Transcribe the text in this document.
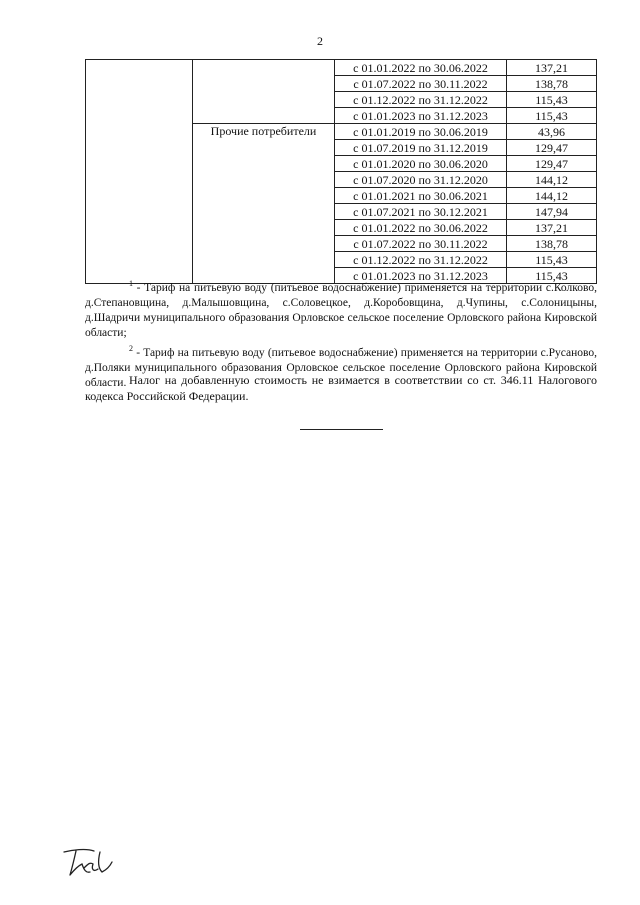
2
		с 01.01.2022 по 30.06.2022	137,21
		с 01.07.2022 по 30.11.2022	138,78
		с 01.12.2022 по 31.12.2022	115,43
		с 01.01.2023 по 31.12.2023	115,43
	Прочие потребители	с 01.01.2019 по 30.06.2019	43,96
		с 01.07.2019 по 31.12.2019	129,47
		с 01.01.2020 по 30.06.2020	129,47
		с 01.07.2020 по 31.12.2020	144,12
		с 01.01.2021 по 30.06.2021	144,12
		с 01.07.2021 по 30.12.2021	147,94
		с 01.01.2022 по 30.06.2022	137,21
		с 01.07.2022 по 30.11.2022	138,78
		с 01.12.2022 по 31.12.2022	115,43
		с 01.01.2023 по 31.12.2023	115,43

$^1$ - Тариф на питьевую воду (питьевое водоснабжение) применяется на территории с.Колково, д.Степановщина, д.Малышовщина, с.Соловецкое, д.Коробовщина, д.Чупины, с.Солоницыны, д.Шадричи муниципального образования Орловское сельское поселение Орловского района Кировской области;

$^2$ - Тариф на питьевую воду (питьевое водоснабжение) применяется на территории с.Русаново, д.Поляки муниципального образования Орловское сельское поселение Орловского района Кировской области. Налог на добавленную стоимость не взимается в соответствии со ст. 346.11 Налогового кодекса Российской Федерации.
